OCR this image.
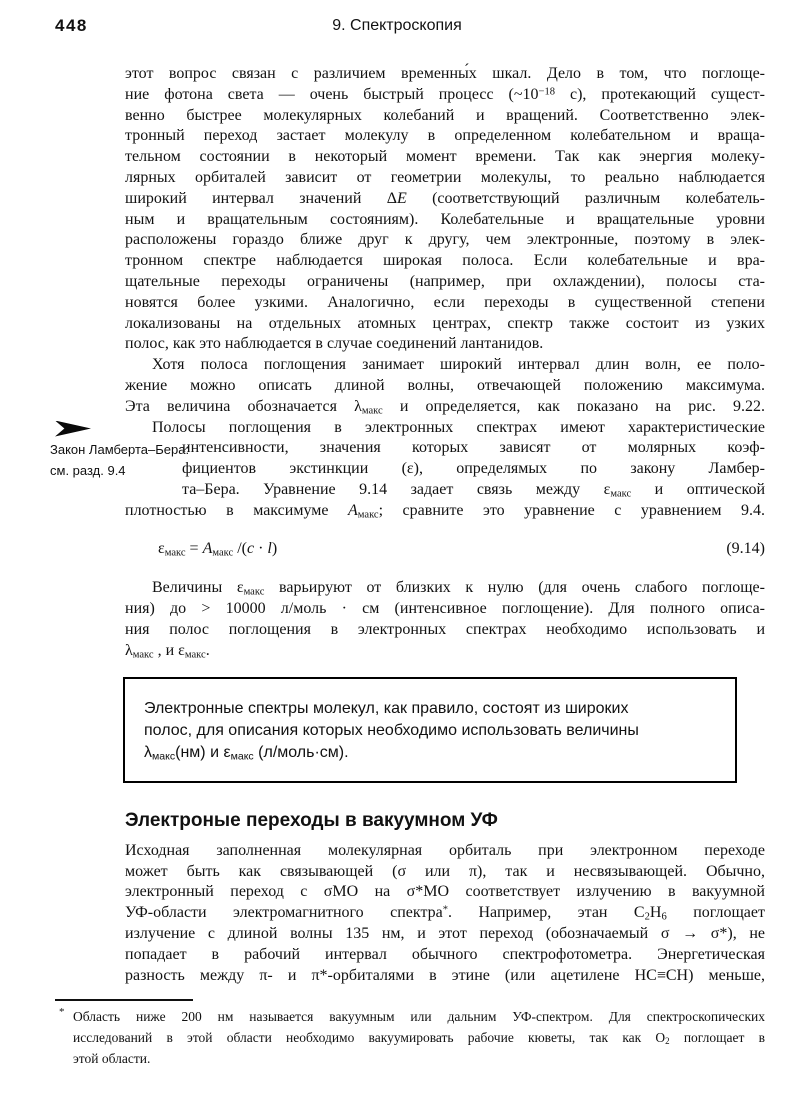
448	9. Спектроскопия
этот вопрос связан с различием временны́х шкал. Дело в том, что поглоще-
ние фотона света — очень быстрый процесс ($\sim 10^{-18}$ с), протекающий сущест-
венно быстрее молекулярных колебаний и вращений. Соответственно элек-
тронный переход застает молекулу в определенном колебательном и враща-
тельном состоянии в некоторый момент времени. Так как энергия молеку-
лярных орбиталей зависит от геометрии молекулы, то реально наблюдается
широкий интервал значений ΔE (соответствующий различным колебатель-
ным и вращательным состояниям). Колебательные и вращательные уровни
расположены гораздо ближе друг к другу, чем электронные, поэтому в элек-
тронном спектре наблюдается широкая полоса. Если колебательные и вра-
щательные переходы ограничены (например, при охлаждении), полосы ста-
новятся более узкими. Аналогично, если переходы в существенной степени
локализованы на отдельных атомных центрах, спектр также состоит из узких
полос, как это наблюдается в случае соединений лантанидов.
Хотя полоса поглощения занимает широкий интервал длин волн, ее поло-
жение можно описать длиной волны, отвечающей положению максимума.
Эта величина обозначается $\lambda_{макс}$ и определяется, как показано на рис. 9.22.
Полосы поглощения в электронных спектрах имеют характеристические
Закон Ламберта–Бера:
интенсивности, значения которых зависят от молярных коэф-
см. разд. 9.4	фициентов экстинкции (ε), определямых по закону Ламбер-
та–Бера. Уравнение 9.14 задает связь между $\varepsilon_{макс}$ и оптической
плотностью в максимуме $A_{макс}$; сравните это уравнение с уравнением 9.4.
$\varepsilon_{макс} = A_{макс}$ /(c · l)	(9.14)
Величины $\varepsilon_{макс}$ варьируют от близких к нулю (для очень слабого поглоще-
ния) до > 10000 л/моль · см (интенсивное поглощение). Для полного описа-
ния полос поглощения в электронных спектрах необходимо использовать и
$\lambda_{макс}$ , и $\varepsilon_{макс}$.
Электронные спектры молекул, как правило, состоят из широких
полос, для описания которых необходимо использовать величины
$\lambda_{макс}(нм)$ и $\varepsilon_{макс}$ (л/моль·см).
Электроные переходы в вакуумном УФ
Исходная заполненная молекулярная орбиталь при электронном переходе
может быть как связывающей (σ или π), так и несвязывающей. Обычно,
электронный переход с σМО на σ*МО соответствует излучению в вакуумной
УФ-области электромагнитного спектра*. Например, этан $C_2H_6$ поглощает
излучение с длиной волны 135 нм, и этот переход (обозначаемый σ → σ*), не
попадает в рабочий интервал обычного спектрофотометра. Энергетическая
разность между π- и π*-орбиталями в этине (или ацетилене HC≡CH) меньше,
* Область ниже 200 нм называется вакуумным или дальним УФ-спектром. Для спектроскопических
исследований в этой области необходимо вакуумировать рабочие кюветы, так как $O_2$ поглощает в
этой области.
